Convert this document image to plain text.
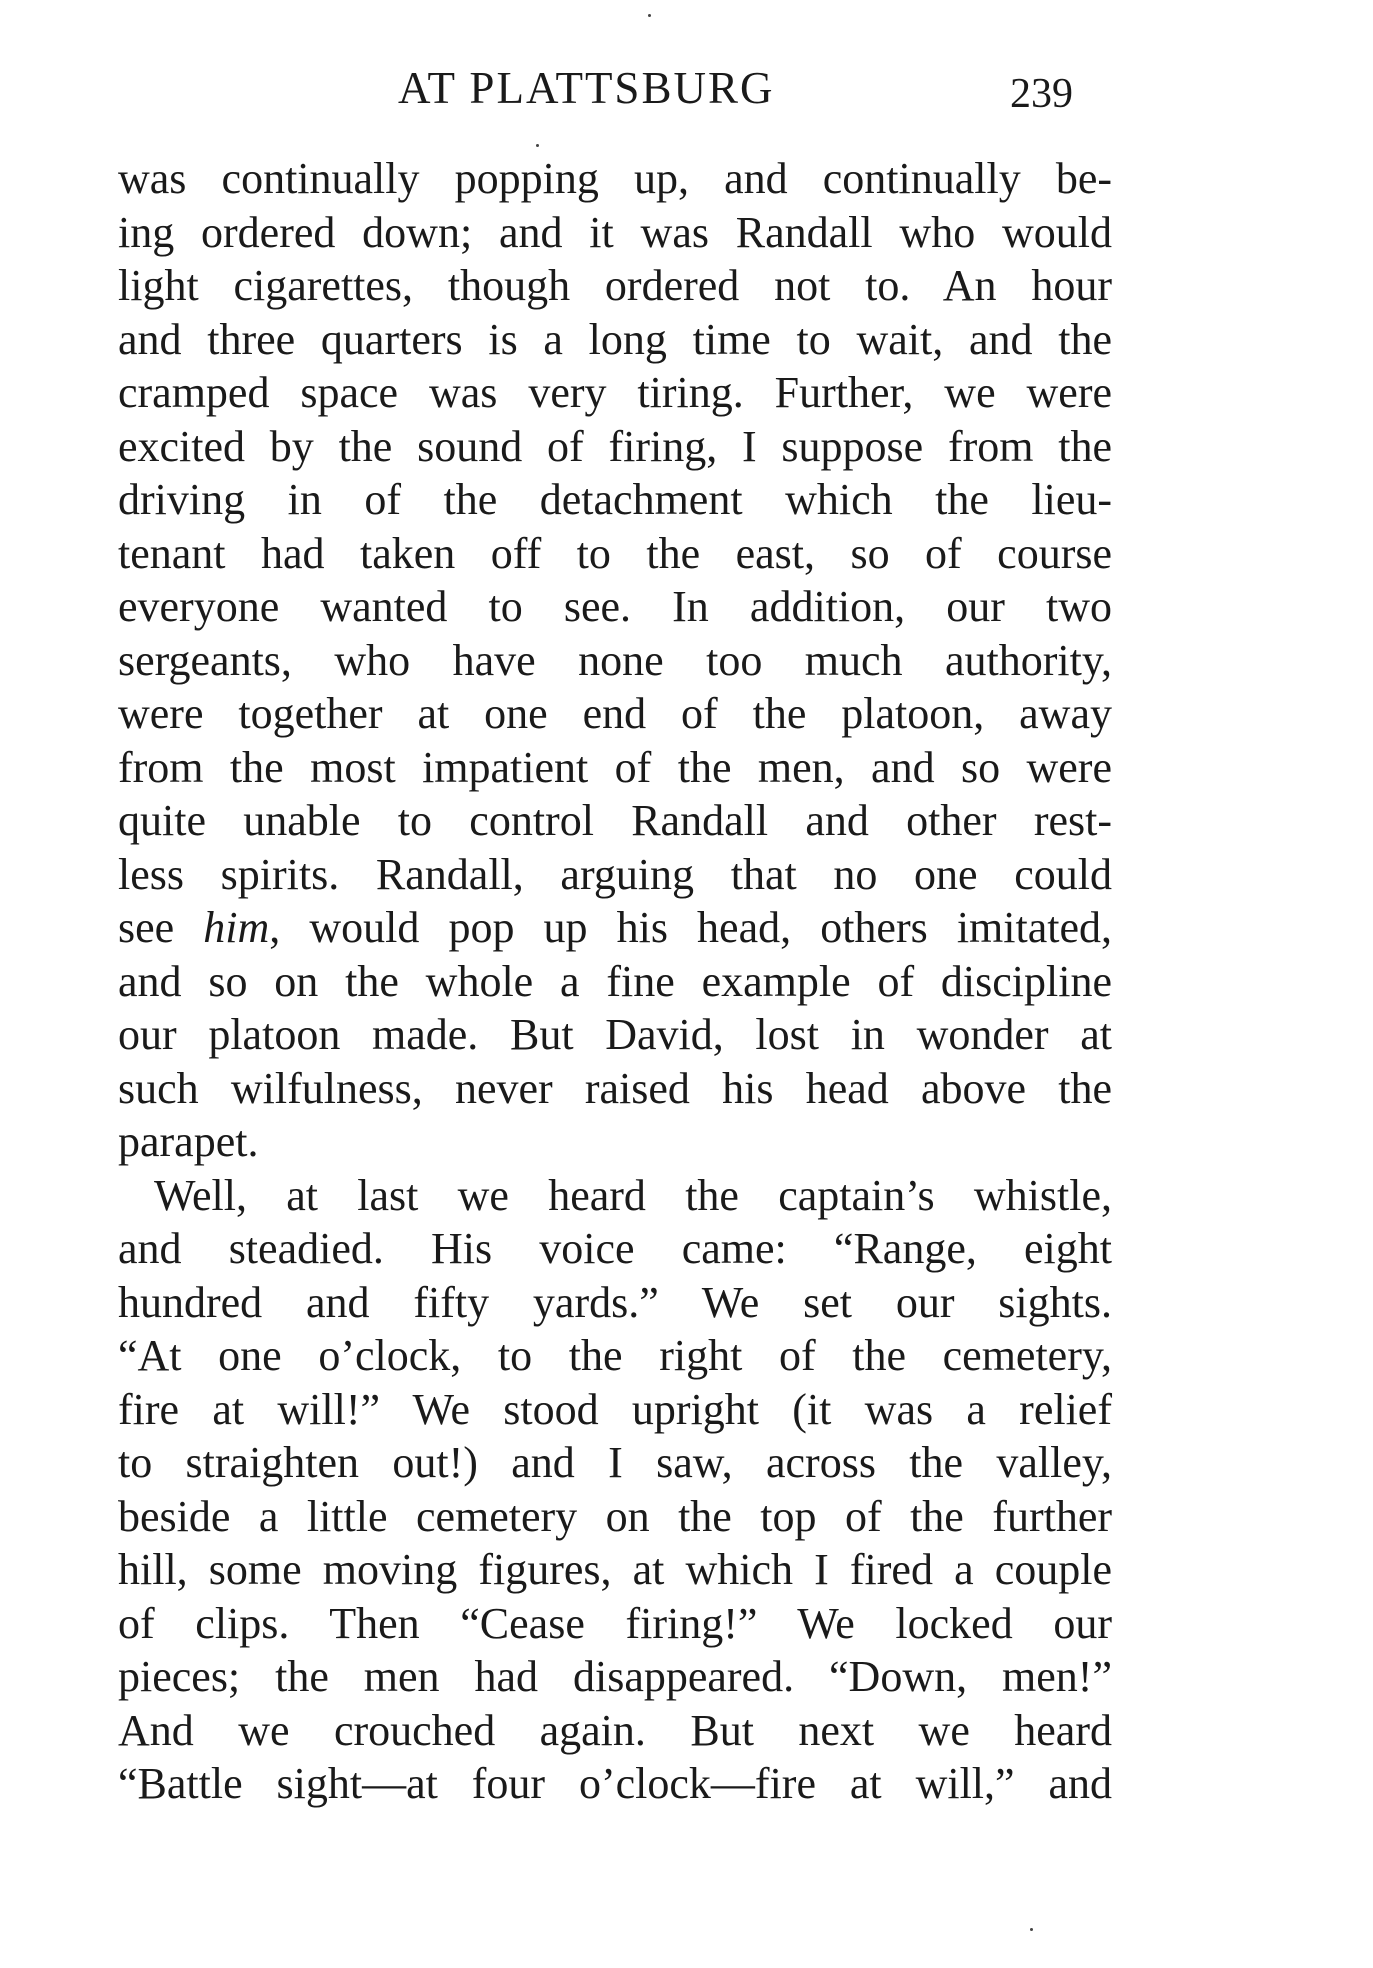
AT PLATTSBURG	239
was continually popping up, and continually be-
ing ordered down; and it was Randall who would
light cigarettes, though ordered not to. An hour
and three quarters is a long time to wait, and the
cramped space was very tiring. Further, we were
excited by the sound of firing, I suppose from the
driving in of the detachment which the lieu-
tenant had taken off to the east, so of course
everyone wanted to see. In addition, our two
sergeants, who have none too much authority,
were together at one end of the platoon, away
from the most impatient of the men, and so were
quite unable to control Randall and other rest-
less spirits. Randall, arguing that no one could
see him, would pop up his head, others imitated,
and so on the whole a fine example of discipline
our platoon made. But David, lost in wonder at
such wilfulness, never raised his head above the
parapet.
Well, at last we heard the captain’s whistle,
and steadied. His voice came: “Range, eight
hundred and fifty yards.” We set our sights.
“At one o’clock, to the right of the cemetery,
fire at will!” We stood upright (it was a relief
to straighten out!) and I saw, across the valley,
beside a little cemetery on the top of the further
hill, some moving figures, at which I fired a couple
of clips. Then “Cease firing!” We locked our
pieces; the men had disappeared. “Down, men!”
And we crouched again. But next we heard
“Battle sight—at four o’clock—fire at will,” and
